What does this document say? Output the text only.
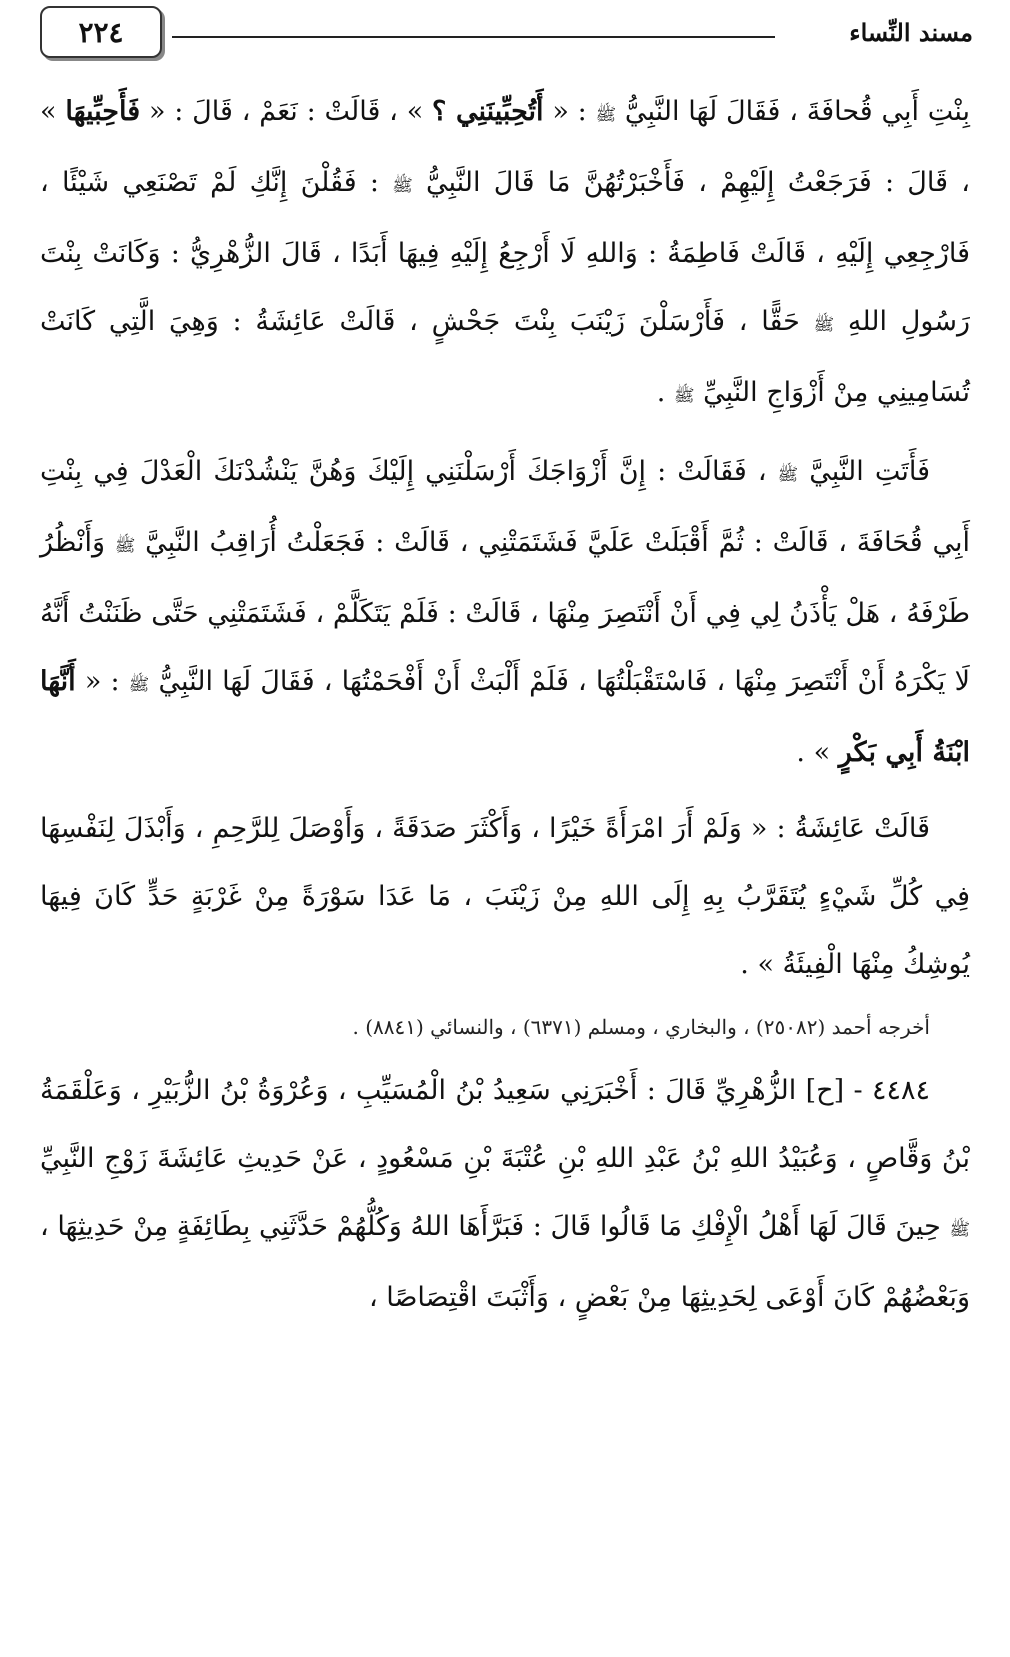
٢٢٤	مسند النِّساء

بِنْتِ أَبِي قُحافَةَ ، فَقَالَ لَهَا النَّبِيُّ ﷺ : « أَتُحِبِّينَنِي ؟ » ، قَالَتْ : نَعَمْ ، قَالَ : « فَأَحِبِّيهَا » ، قَالَ : فَرَجَعْتُ إِلَيْهِمْ ، فَأَخْبَرْتُهُنَّ مَا قَالَ النَّبِيُّ ﷺ : فَقُلْنَ إِنَّكِ لَمْ تَصْنَعِي شَيْئًا ، فَارْجِعِي إِلَيْهِ ، قَالَتْ فَاطِمَةُ : وَاللهِ لَا أَرْجِعُ إِلَيْهِ فِيهَا أَبَدًا ، قَالَ الزُّهْرِيُّ : وَكَانَتْ بِنْتَ رَسُولِ اللهِ ﷺ حَقًّا ، فَأَرْسَلْنَ زَيْنَبَ بِنْتَ جَحْشٍ ، قَالَتْ عَائِشَةُ : وَهِيَ الَّتِي كَانَتْ تُسَامِينِي مِنْ أَزْوَاجِ النَّبِيِّ ﷺ .

فَأَتَتِ النَّبِيَّ ﷺ ، فَقَالَتْ : إِنَّ أَزْوَاجَكَ أَرْسَلْنَنِي إِلَيْكَ وَهُنَّ يَنْشُدْنَكَ الْعَدْلَ فِي بِنْتِ أَبِي قُحَافَةَ ، قَالَتْ : ثُمَّ أَقْبَلَتْ عَلَيَّ فَشَتَمَتْنِي ، قَالَتْ : فَجَعَلْتُ أُرَاقِبُ النَّبِيَّ ﷺ وَأَنْظُرُ طَرْفَهُ ، هَلْ يَأْذَنُ لِي فِي أَنْ أَنْتَصِرَ مِنْهَا ، قَالَتْ : فَلَمْ يَتَكَلَّمْ ، فَشَتَمَتْنِي حَتَّى ظَنَنْتُ أَنَّهُ لَا يَكْرَهُ أَنْ أَنْتَصِرَ مِنْهَا ، فَاسْتَقْبَلْتُهَا ، فَلَمْ أَلْبَثْ أَنْ أَفْحَمْتُهَا ، فَقَالَ لَهَا النَّبِيُّ ﷺ : « أَنَّهَا ابْنَةُ أَبِي بَكْرٍ » .

قَالَتْ عَائِشَةُ : « وَلَمْ أَرَ امْرَأَةً خَيْرًا ، وَأَكْثَرَ صَدَقَةً ، وَأَوْصَلَ لِلرَّحِمِ ، وَأَبْذَلَ لِنَفْسِهَا فِي كُلِّ شَيْءٍ يُتَقَرَّبُ بِهِ إِلَى اللهِ مِنْ زَيْنَبَ ، مَا عَدَا سَوْرَةً مِنْ غَرْبَةٍ حَدٍّ كَانَ فِيهَا يُوشِكُ مِنْهَا الْفِيئَةُ » .

أخرجه أحمد (٢٥٠٨٢) ، والبخاري ، ومسلم (٦٣٧١) ، والنسائي (٨٨٤١) .

٤٤٨٤ - [ح] الزُّهْرِيِّ قَالَ : أَخْبَرَنِي سَعِيدُ بْنُ الْمُسَيِّبِ ، وَعُرْوَةُ بْنُ الزُّبَيْرِ ، وَعَلْقَمَةُ بْنُ وَقَّاصٍ ، وَعُبَيْدُ اللهِ بْنُ عَبْدِ اللهِ بْنِ عُتْبَةَ بْنِ مَسْعُودٍ ، عَنْ حَدِيثِ عَائِشَةَ زَوْجِ النَّبِيِّ ﷺ حِينَ قَالَ لَهَا أَهْلُ الْإِفْكِ مَا قَالُوا قَالَ : فَبَرَّأَهَا اللهُ وَكُلُّهُمْ حَدَّثَنِي بِطَائِفَةٍ مِنْ حَدِيثِهَا ، وَبَعْضُهُمْ كَانَ أَوْعَى لِحَدِيثِهَا مِنْ بَعْضٍ ، وَأَثْبَتَ اقْتِصَاصًا ،
